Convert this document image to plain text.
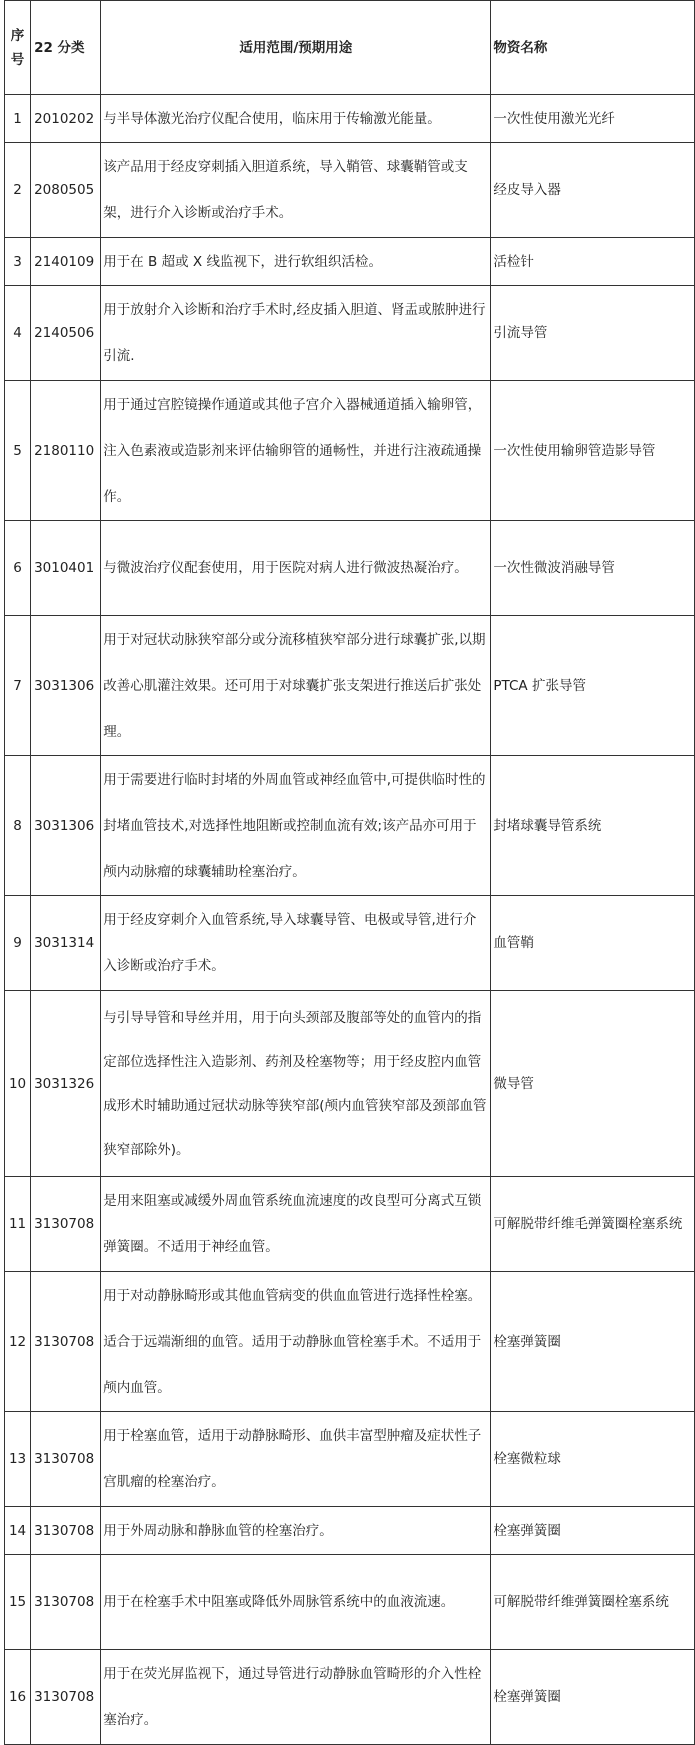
序号	22 分类	适用范围/预期用途	物资名称
1	2010202	与半导体激光治疗仪配合使用，临床用于传输激光能量。	一次性使用激光光纤
2	2080505	该产品用于经皮穿刺插入胆道系统，导入鞘管、球囊鞘管或支架，进行介入诊断或治疗手术。	经皮导入器
3	2140109	用于在 B 超或 X 线监视下，进行软组织活检。	活检针
4	2140506	用于放射介入诊断和治疗手术时,经皮插入胆道、肾盂或脓肿进行引流.	引流导管
5	2180110	用于通过宫腔镜操作通道或其他子宫介入器械通道插入输卵管，注入色素液或造影剂来评估输卵管的通畅性，并进行注液疏通操作。	一次性使用输卵管造影导管
6	3010401	与微波治疗仪配套使用，用于医院对病人进行微波热凝治疗。	一次性微波消融导管
7	3031306	用于对冠状动脉狭窄部分或分流移植狭窄部分进行球囊扩张,以期改善心肌灌注效果。还可用于对球囊扩张支架进行推送后扩张处理。	PTCA 扩张导管
8	3031306	用于需要进行临时封堵的外周血管或神经血管中,可提供临时性的封堵血管技术,对选择性地阻断或控制血流有效;该产品亦可用于颅内动脉瘤的球囊辅助栓塞治疗。	封堵球囊导管系统
9	3031314	用于经皮穿刺介入血管系统,导入球囊导管、电极或导管,进行介入诊断或治疗手术。	血管鞘
10	3031326	与引导导管和导丝并用，用于向头颈部及腹部等处的血管内的指定部位选择性注入造影剂、药剂及栓塞物等；用于经皮腔内血管成形术时辅助通过冠状动脉等狭窄部(颅内血管狭窄部及颈部血管狭窄部除外)。	微导管
11	3130708	是用来阻塞或减缓外周血管系统血流速度的改良型可分离式互锁弹簧圈。不适用于神经血管。	可解脱带纤维毛弹簧圈栓塞系统
12	3130708	用于对动静脉畸形或其他血管病变的供血血管进行选择性栓塞。适合于远端渐细的血管。适用于动静脉血管栓塞手术。不适用于颅内血管。	栓塞弹簧圈
13	3130708	用于栓塞血管，适用于动静脉畸形、血供丰富型肿瘤及症状性子宫肌瘤的栓塞治疗。	栓塞微粒球
14	3130708	用于外周动脉和静脉血管的栓塞治疗。	栓塞弹簧圈
15	3130708	用于在栓塞手术中阻塞或降低外周脉管系统中的血液流速。	可解脱带纤维弹簧圈栓塞系统
16	3130708	用于在荧光屏监视下，通过导管进行动静脉血管畸形的介入性栓塞治疗。	栓塞弹簧圈
